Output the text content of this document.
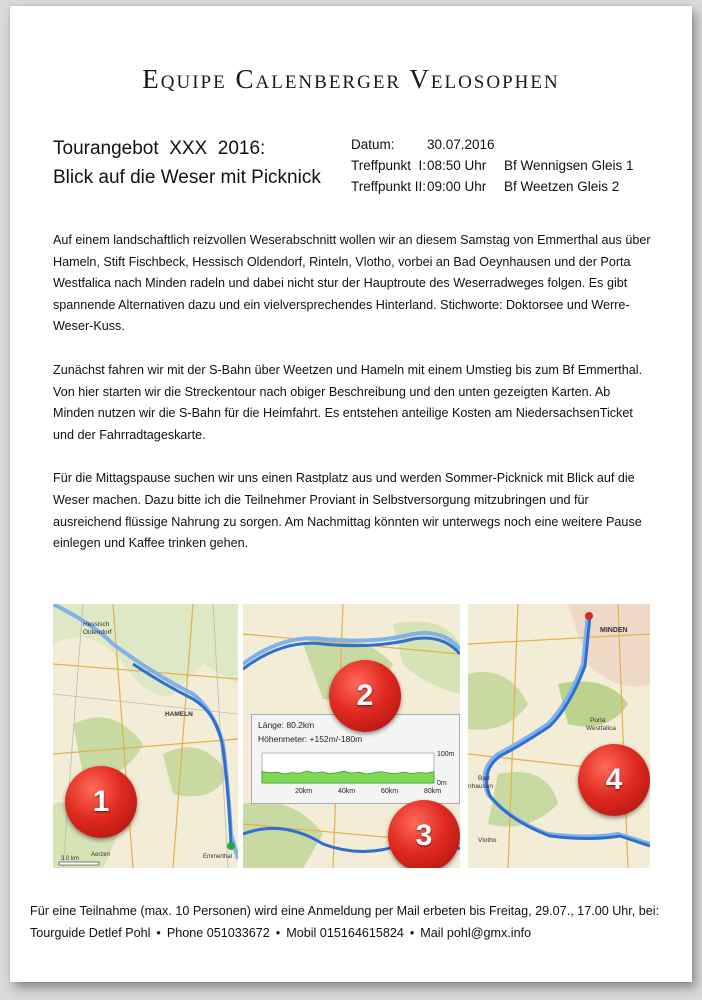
Equipe Calenberger Velosophen
Tourangebot  XXX  2016:
Blick auf die Weser mit Picknick
Datum:	30.07.2016
Treffpunkt  I: 08:50 Uhr	Bf Wennigsen Gleis 1
Treffpunkt II: 09:00 Uhr	Bf Weetzen Gleis 2

Auf einem landschaftlich reizvollen Weserabschnitt wollen wir an diesem Samstag von Emmerthal aus über Hameln, Stift Fischbeck, Hessisch Oldendorf, Rinteln, Vlotho, vorbei an Bad Oeynhausen und der Porta Westfalica nach Minden radeln und dabei nicht stur der Hauptroute des Weserradweges folgen. Es gibt spannende Alternativen dazu und ein vielversprechendes Hinterland. Stichworte: Doktorsee und Werre-Weser-Kuss.

Zunächst fahren wir mit der S-Bahn über Weetzen und Hameln mit einem Umstieg bis zum Bf Emmerthal. Von hier starten wir die Streckentour nach obiger Beschreibung und den unten gezeigten Karten. Ab Minden nutzen wir die S-Bahn für die Heimfahrt. Es entstehen anteilige Kosten am NiedersachsenTicket und der Fahrradtageskarte.

Für die Mittagspause suchen wir uns einen Rastplatz aus und werden Sommer-Picknick mit Blick auf die Weser machen. Dazu bitte ich die Teilnehmer Proviant in Selbstversorgung mitzubringen und für ausreichend flüssige Nahrung zu sorgen. Am Nachmittag könnten wir unterwegs noch eine weitere Pause einlegen und Kaffee trinken gehen.

Hessisch
Oldendorf
HAMELN
Emmerthal
Aerzen
3.0 km
1
Länge: 80.2km
Höhenmeter: +152m/-180m
100m
0m
20km	40km	60km	80km
2
3
MINDEN
Porta
Westfalica
Bad
nhausen
Vlotho
4
Für eine Teilnahme (max. 10 Personen) wird eine Anmeldung per Mail erbeten bis Freitag, 29.07., 17.00 Uhr, bei:
Tourguide Detlef Pohl • Phone 051033672 • Mobil 015164615824 • Mail pohl@gmx.info
